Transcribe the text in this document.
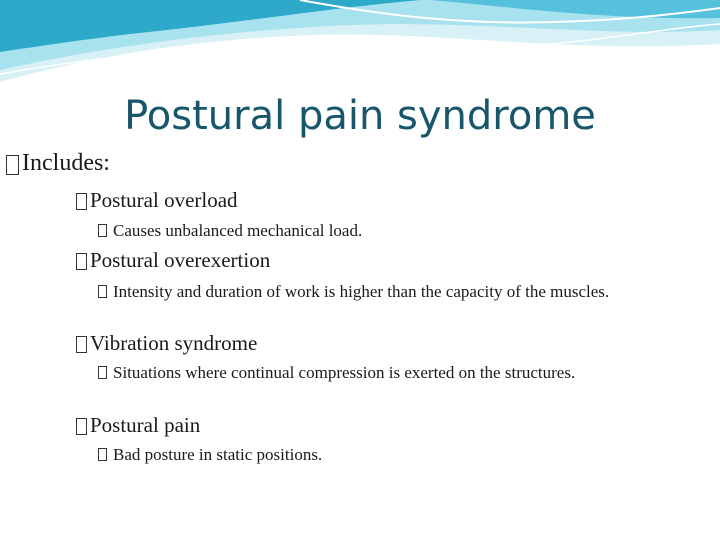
Postural pain syndrome
Includes:
Postural overload
Causes unbalanced mechanical load.
Postural overexertion
Intensity and duration of work is higher than the capacity of the muscles.
Vibration syndrome
Situations where continual compression is exerted on the structures.
Postural pain
Bad posture in static positions.
